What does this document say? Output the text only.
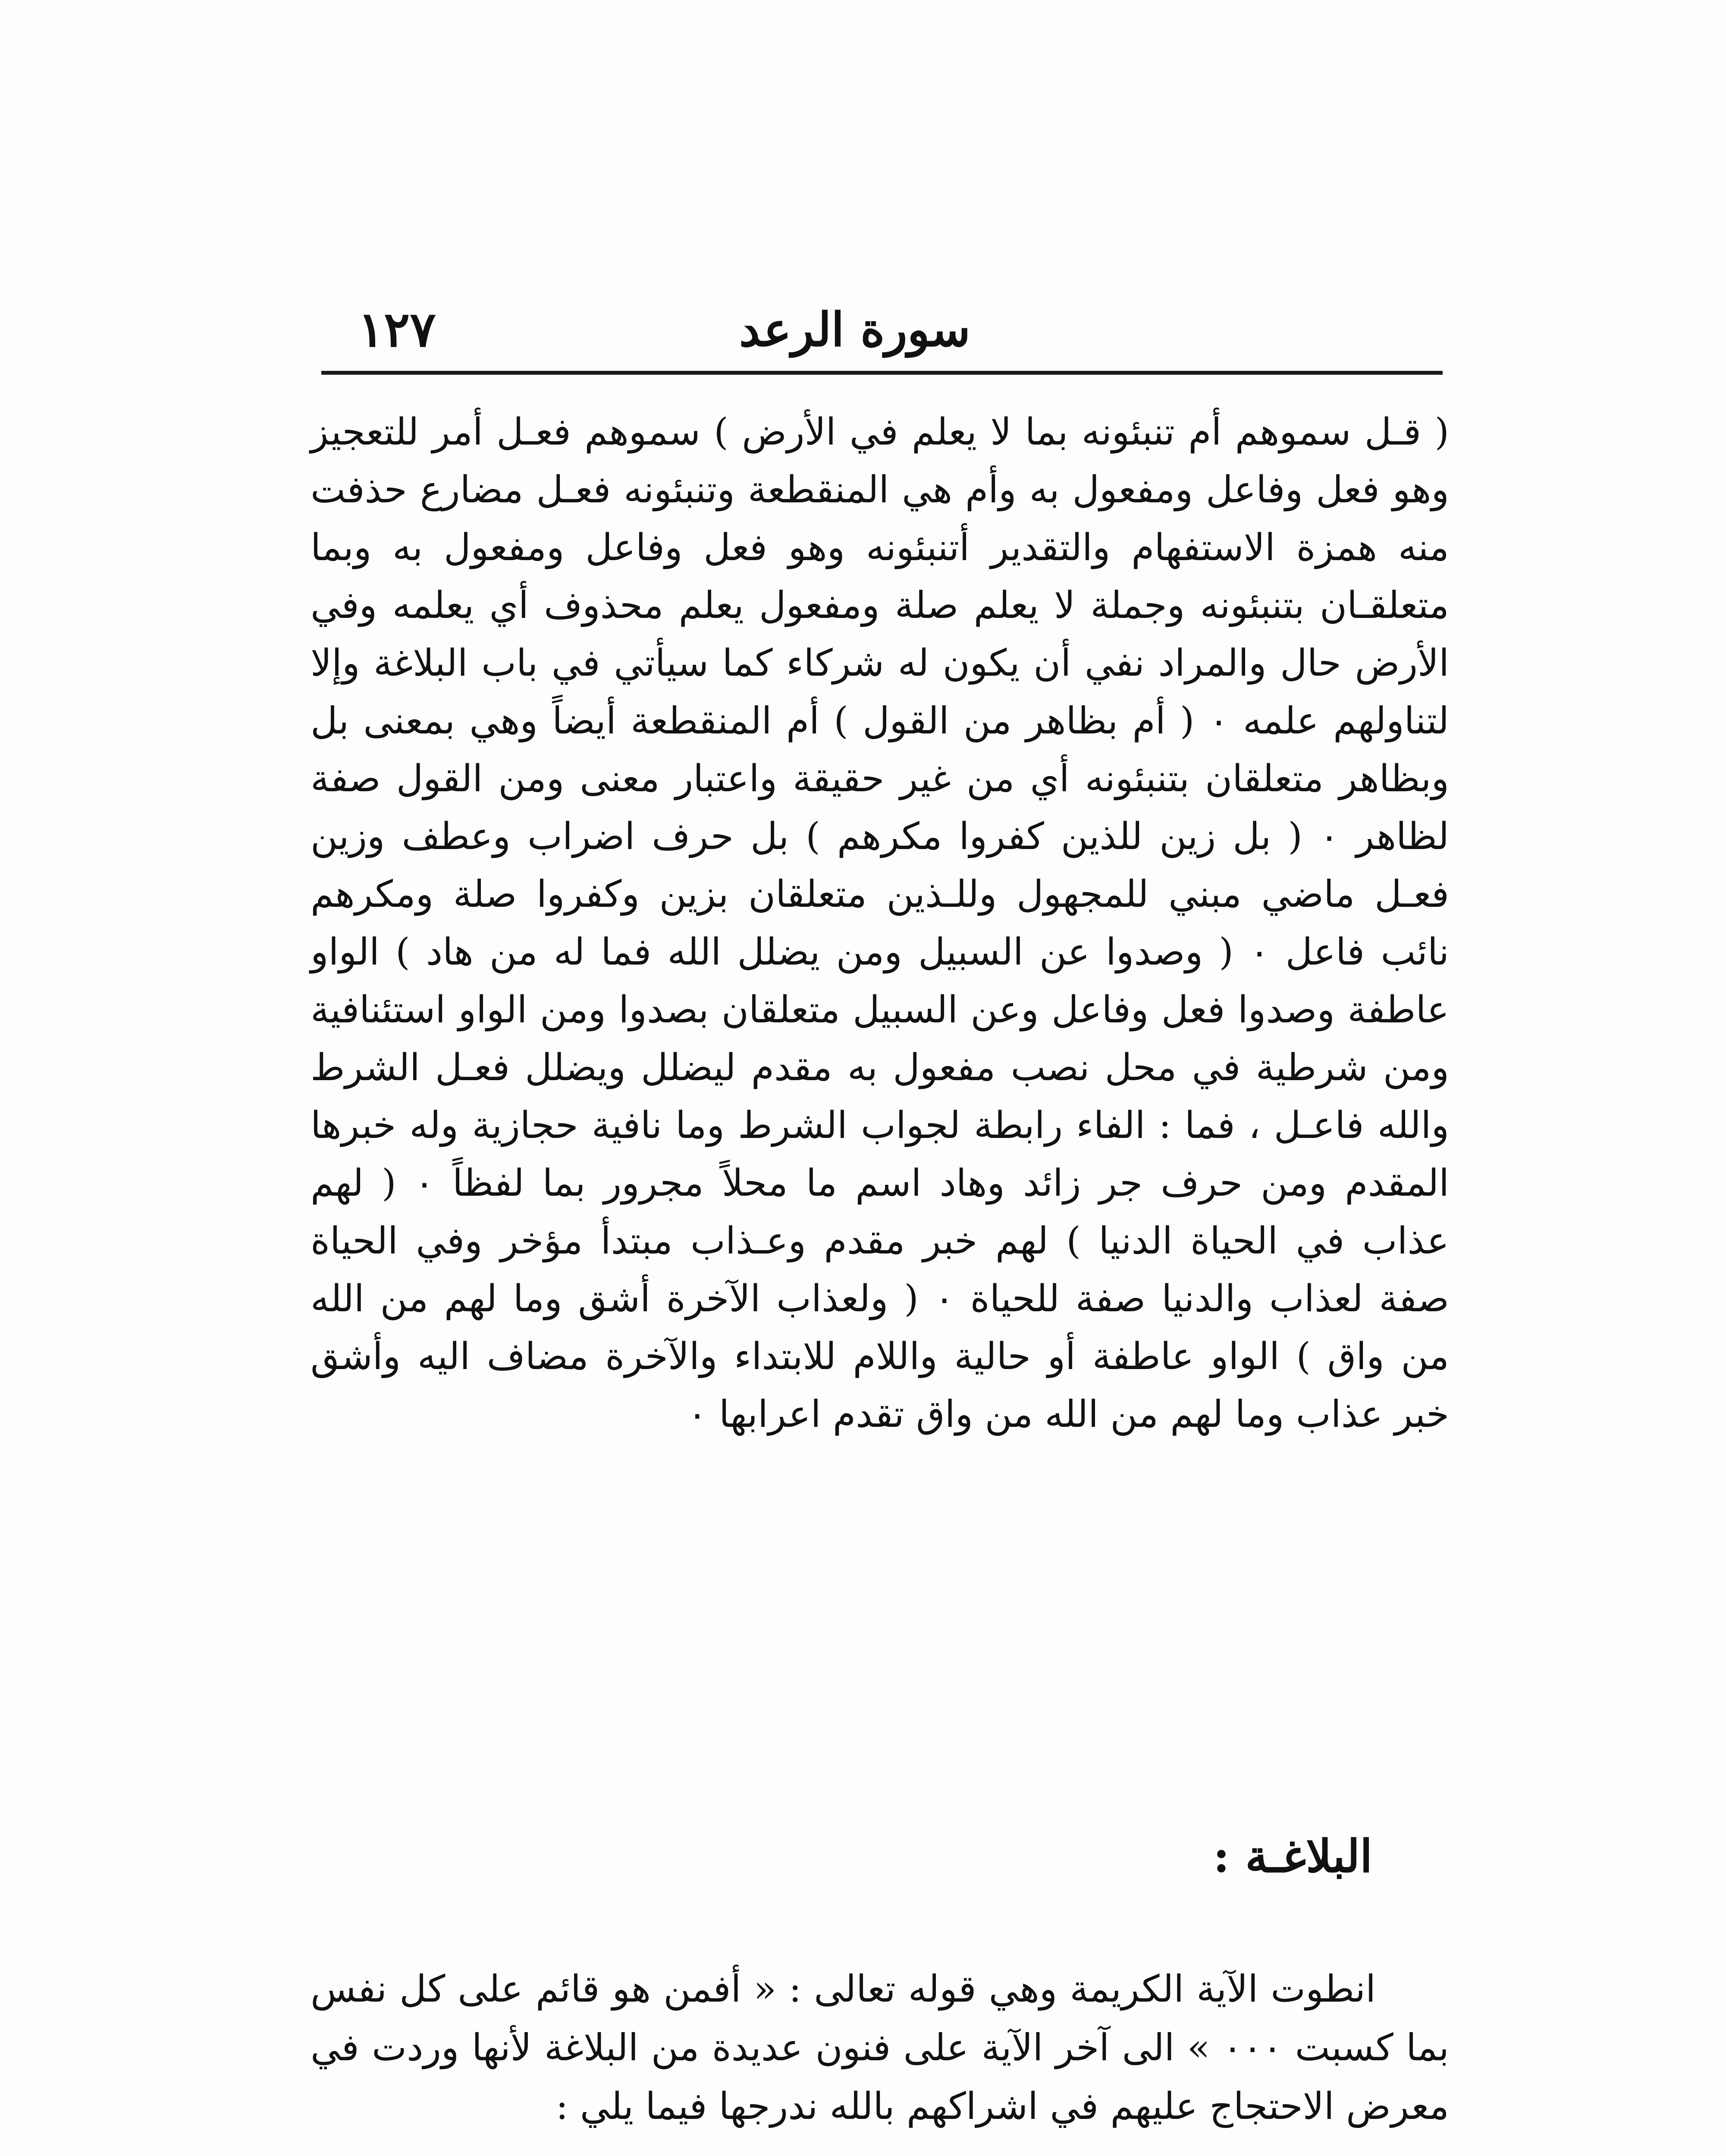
سورة الرعد
١٢٧

( قـل سموهم أم تنبئونه بما لا يعلم في الأرض ) سموهم فعـل أمر للتعجيز وهو فعل وفاعل ومفعول به وأم هي المنقطعة وتنبئونه فعـل مضارع حذفت منه همزة الاستفهام والتقدير أتنبئونه وهو فعل وفاعل ومفعول به وبما متعلقـان بتنبئونه وجملة لا يعلم صلة ومفعول يعلم محذوف أي يعلمه وفي الأرض حال والمراد نفي أن يكون له شركاء كما سيأتي في باب البلاغة وإلا لتناولهم علمه ٠ ( أم بظاهر من القول ) أم المنقطعة أيضاً وهي بمعنى بل وبظاهر متعلقان بتنبئونه أي من غير حقيقة واعتبار معنى ومن القول صفة لظاهر ٠ ( بل زين للذين كفروا مكرهم ) بل حرف اضراب وعطف وزين فعـل ماضي مبني للمجهول وللـذين متعلقان بزين وكفروا صلة ومكرهم نائب فاعل ٠ ( وصدوا عن السبيل ومن يضلل الله فما له من هاد ) الواو عاطفة وصدوا فعل وفاعل وعن السبيل متعلقان بصدوا ومن الواو استئنافية ومن شرطية في محل نصب مفعول به مقدم ليضلل ويضلل فعـل الشرط والله فاعـل ، فما : الفاء رابطة لجواب الشرط وما نافية حجازية وله خبرها المقدم ومن حرف جر زائد وهاد اسم ما محلاً مجرور بما لفظاً ٠ ( لهم عذاب في الحياة الدنيا ) لهم خبر مقدم وعـذاب مبتدأ مؤخر وفي الحياة صفة لعذاب والدنيا صفة للحياة ٠ ( ولعذاب الآخرة أشق وما لهم من الله من واق ) الواو عاطفة أو حالية واللام للابتداء والآخرة مضاف اليه وأشق خبر عذاب وما لهم من الله من واق تقدم اعرابها ٠

البلاغـة :

انطوت الآية الكريمة وهي قوله تعالى : « أفمن هو قائم على كل نفس بما كسبت ٠٠٠ » الى آخر الآية على فنون عديدة من البلاغة لأنها وردت في معرض الاحتجاج عليهم في اشراكهم بالله ندرجها فيما يلي :
